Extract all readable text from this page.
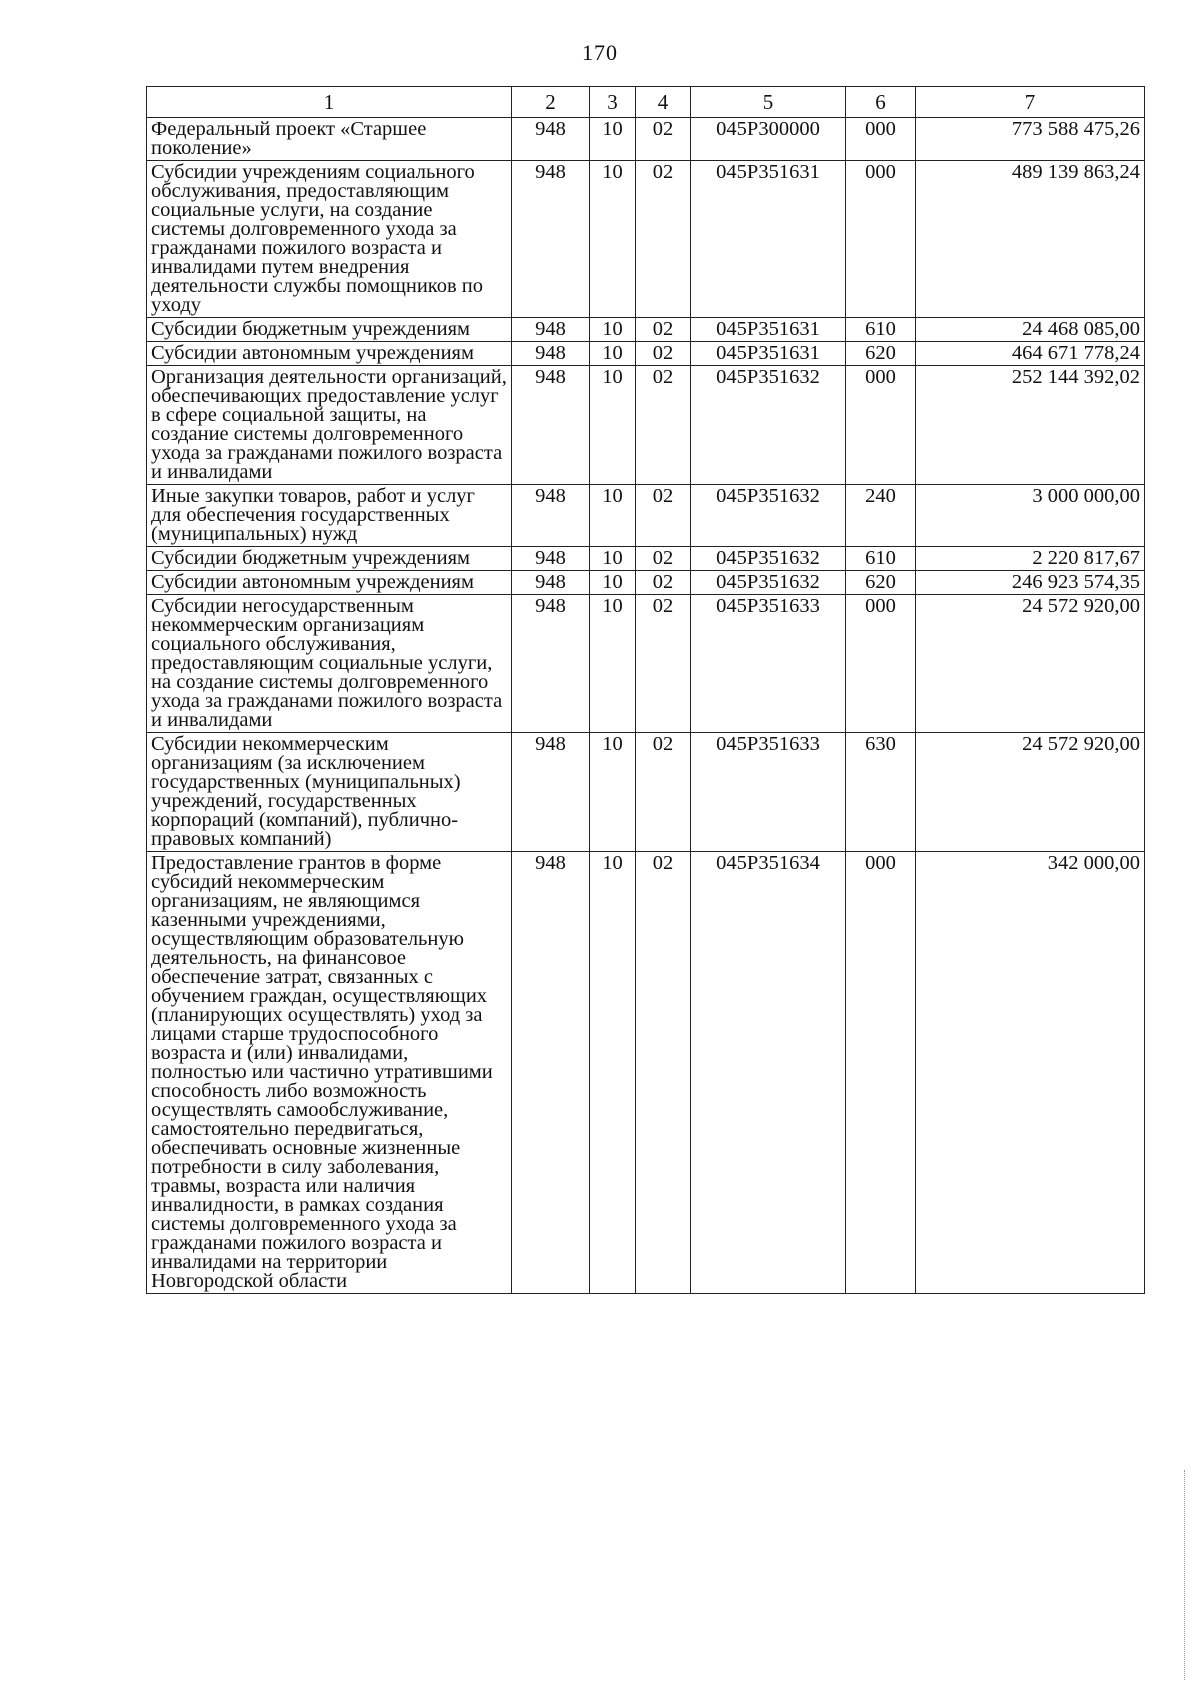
170
1	2	3	4	5	6	7
Федеральный проект «Старшее поколение»	948	10	02	045Р300000	000	773 588 475,26
Субсидии учреждениям социального обслуживания, предоставляющим социальные услуги, на создание системы долговременного ухода за гражданами пожилого возраста и инвалидами путем внедрения деятельности службы помощников по уходу	948	10	02	045Р351631	000	489 139 863,24
Субсидии бюджетным учреждениям	948	10	02	045Р351631	610	24 468 085,00
Субсидии автономным учреждениям	948	10	02	045Р351631	620	464 671 778,24
Организация деятельности организаций, обеспечивающих предоставление услуг в сфере социальной защиты, на создание системы долговременного ухода за гражданами пожилого возраста и инвалидами	948	10	02	045Р351632	000	252 144 392,02
Иные закупки товаров, работ и услуг для обеспечения государственных (муниципальных) нужд	948	10	02	045Р351632	240	3 000 000,00
Субсидии бюджетным учреждениям	948	10	02	045Р351632	610	2 220 817,67
Субсидии автономным учреждениям	948	10	02	045Р351632	620	246 923 574,35
Субсидии негосударственным некоммерческим организациям социального обслуживания, предоставляющим социальные услуги, на создание системы долговременного ухода за гражданами пожилого возраста и инвалидами	948	10	02	045Р351633	000	24 572 920,00
Субсидии некоммерческим организациям (за исключением государственных (муниципальных) учреждений, государственных корпораций (компаний), публично-правовых компаний)	948	10	02	045Р351633	630	24 572 920,00
Предоставление грантов в форме субсидий некоммерческим организациям, не являющимся казенными учреждениями, осуществляющим образовательную деятельность, на финансовое обеспечение затрат, связанных с обучением граждан, осуществляющих (планирующих осуществлять) уход за лицами старше трудоспособного возраста и (или) инвалидами, полностью или частично утратившими способность либо возможность осуществлять самообслуживание, самостоятельно передвигаться, обеспечивать основные жизненные потребности в силу заболевания, травмы, возраста или наличия инвалидности, в рамках создания системы долговременного ухода за гражданами пожилого возраста и инвалидами на территории Новгородской области	948	10	02	045Р351634	000	342 000,00
